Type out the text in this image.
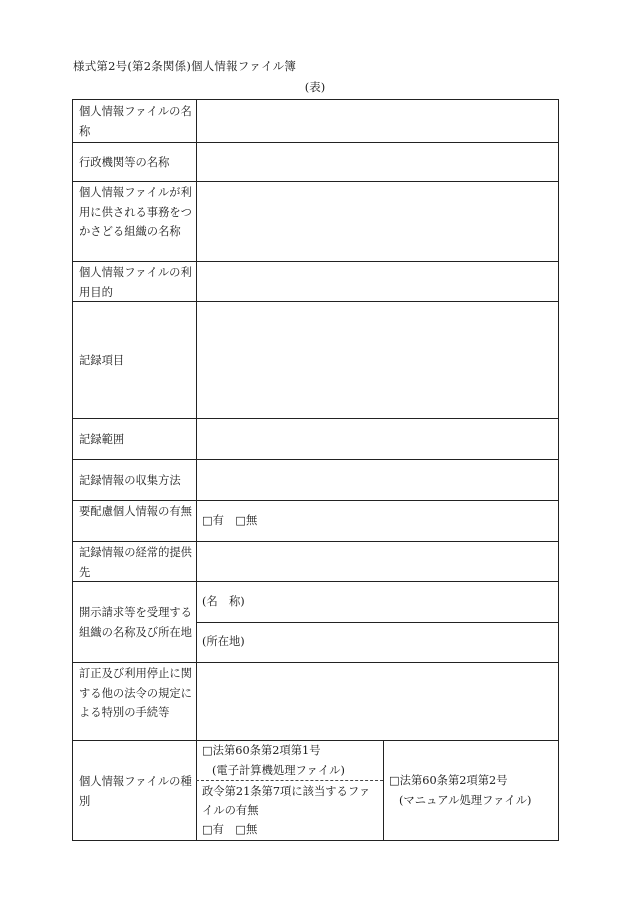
様式第2号(第2条関係)個人情報ファイル簿
(表)
個人情報ファイルの名称
行政機関等の名称
個人情報ファイルが利用に供される事務をつかさどる組織の名称
個人情報ファイルの利用目的
記録項目
記録範囲
記録情報の収集方法
要配慮個人情報の有無
記録情報の経常的提供先
開示請求等を受理する組織の名称及び所在地
訂正及び利用停止に関する他の法令の規定による特別の手続等
個人情報ファイルの種別
□有　□無
(名　称)
(所在地)
□法第60条第2項第1号
(電子計算機処理ファイル)
政令第21条第7項に該当するファイルの有無
□有　□無
□法第60条第2項第2号
(マニュアル処理ファイル)
